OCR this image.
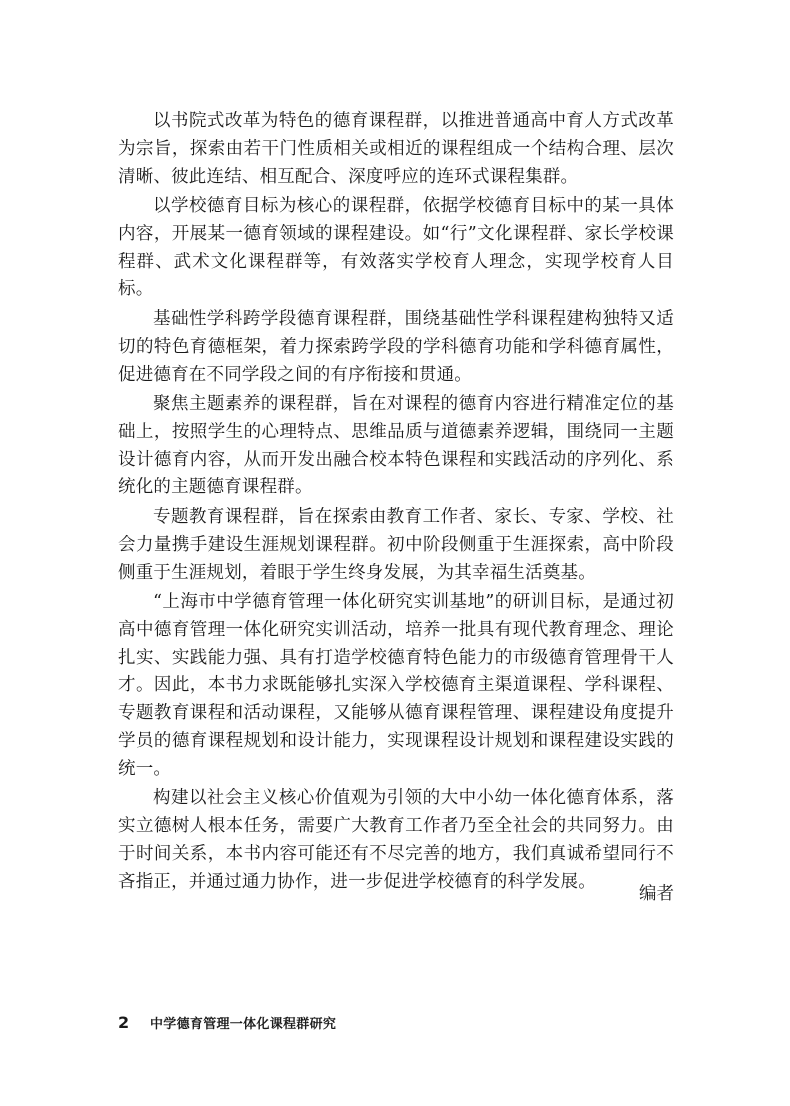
以书院式改革为特色的德育课程群，以推进普通高中育人方式改革为宗旨，探索由若干门性质相关或相近的课程组成一个结构合理、层次清晰、彼此连结、相互配合、深度呼应的连环式课程集群。

以学校德育目标为核心的课程群，依据学校德育目标中的某一具体内容，开展某一德育领域的课程建设。如“行”文化课程群、家长学校课程群、武术文化课程群等，有效落实学校育人理念，实现学校育人目标。

基础性学科跨学段德育课程群，围绕基础性学科课程建构独特又适切的特色育德框架，着力探索跨学段的学科德育功能和学科德育属性，促进德育在不同学段之间的有序衔接和贯通。

聚焦主题素养的课程群，旨在对课程的德育内容进行精准定位的基础上，按照学生的心理特点、思维品质与道德素养逻辑，围绕同一主题设计德育内容，从而开发出融合校本特色课程和实践活动的序列化、系统化的主题德育课程群。

专题教育课程群，旨在探索由教育工作者、家长、专家、学校、社会力量携手建设生涯规划课程群。初中阶段侧重于生涯探索，高中阶段侧重于生涯规划，着眼于学生终身发展，为其幸福生活奠基。

“上海市中学德育管理一体化研究实训基地”的研训目标，是通过初高中德育管理一体化研究实训活动，培养一批具有现代教育理念、理论扎实、实践能力强、具有打造学校德育特色能力的市级德育管理骨干人才。因此，本书力求既能够扎实深入学校德育主渠道课程、学科课程、专题教育课程和活动课程，又能够从德育课程管理、课程建设角度提升学员的德育课程规划和设计能力，实现课程设计规划和课程建设实践的统一。

构建以社会主义核心价值观为引领的大中小幼一体化德育体系，落实立德树人根本任务，需要广大教育工作者乃至全社会的共同努力。由于时间关系，本书内容可能还有不尽完善的地方，我们真诚希望同行不吝指正，并通过通力协作，进一步促进学校德育的科学发展。

编者
2	中学德育管理一体化课程群研究
